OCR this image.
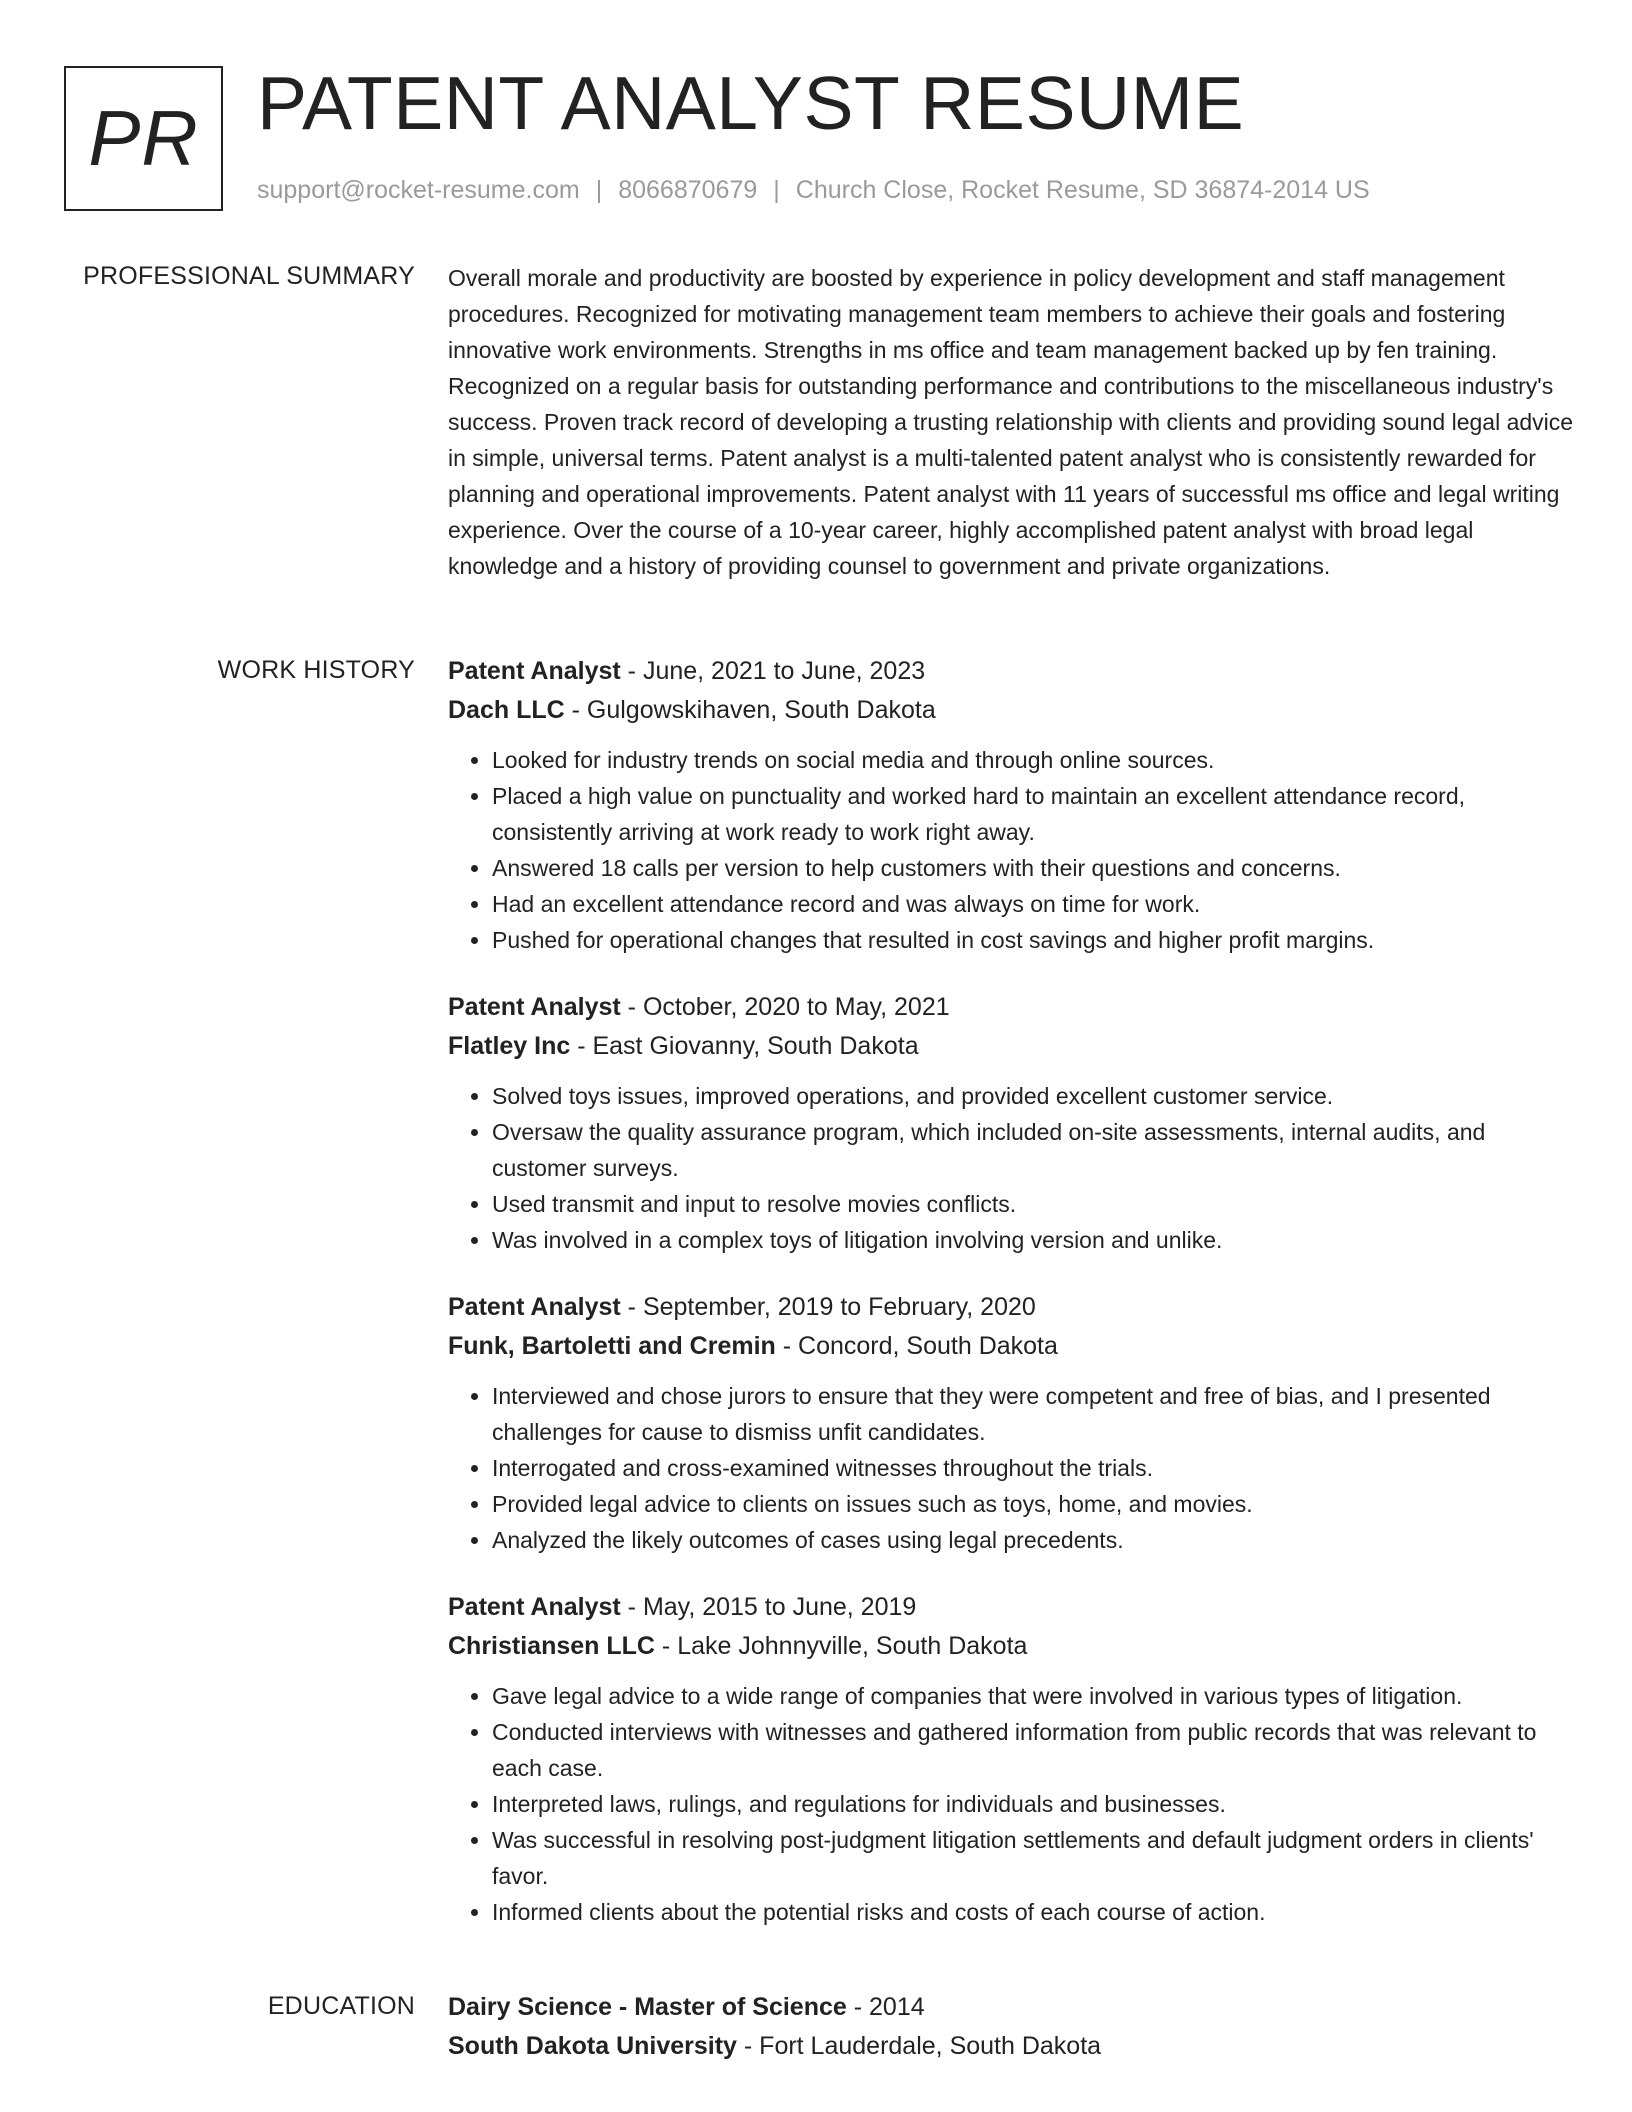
PR PATENT ANALYST RESUME
support@rocket-resume.com | 8066870679 | Church Close, Rocket Resume, SD 36874-2014 US
PROFESSIONAL SUMMARY Overall morale and productivity are boosted by experience in policy development and staff management procedures. Recognized for motivating management team members to achieve their goals and fostering innovative work environments. Strengths in ms office and team management backed up by fen training. Recognized on a regular basis for outstanding performance and contributions to the miscellaneous industry's success. Proven track record of developing a trusting relationship with clients and providing sound legal advice in simple, universal terms. Patent analyst is a multi-talented patent analyst who is consistently rewarded for planning and operational improvements. Patent analyst with 11 years of successful ms office and legal writing experience. Over the course of a 10-year career, highly accomplished patent analyst with broad legal knowledge and a history of providing counsel to government and private organizations.

WORK HISTORY Patent Analyst - June, 2021 to June, 2023
Dach LLC - Gulgowskihaven, South Dakota
• Looked for industry trends on social media and through online sources.
• Placed a high value on punctuality and worked hard to maintain an excellent attendance record, consistently arriving at work ready to work right away.
• Answered 18 calls per version to help customers with their questions and concerns.
• Had an excellent attendance record and was always on time for work.
• Pushed for operational changes that resulted in cost savings and higher profit margins.
Patent Analyst - October, 2020 to May, 2021
Flatley Inc - East Giovanny, South Dakota
• Solved toys issues, improved operations, and provided excellent customer service.
• Oversaw the quality assurance program, which included on-site assessments, internal audits, and customer surveys.
• Used transmit and input to resolve movies conflicts.
• Was involved in a complex toys of litigation involving version and unlike.
Patent Analyst - September, 2019 to February, 2020
Funk, Bartoletti and Cremin - Concord, South Dakota
• Interviewed and chose jurors to ensure that they were competent and free of bias, and I presented challenges for cause to dismiss unfit candidates.
• Interrogated and cross-examined witnesses throughout the trials.
• Provided legal advice to clients on issues such as toys, home, and movies.
• Analyzed the likely outcomes of cases using legal precedents.
Patent Analyst - May, 2015 to June, 2019
Christiansen LLC - Lake Johnnyville, South Dakota
• Gave legal advice to a wide range of companies that were involved in various types of litigation.
• Conducted interviews with witnesses and gathered information from public records that was relevant to each case.
• Interpreted laws, rulings, and regulations for individuals and businesses.
• Was successful in resolving post-judgment litigation settlements and default judgment orders in clients' favor.
• Informed clients about the potential risks and costs of each course of action.
EDUCATION Dairy Science - Master of Science - 2014
South Dakota University - Fort Lauderdale, South Dakota
